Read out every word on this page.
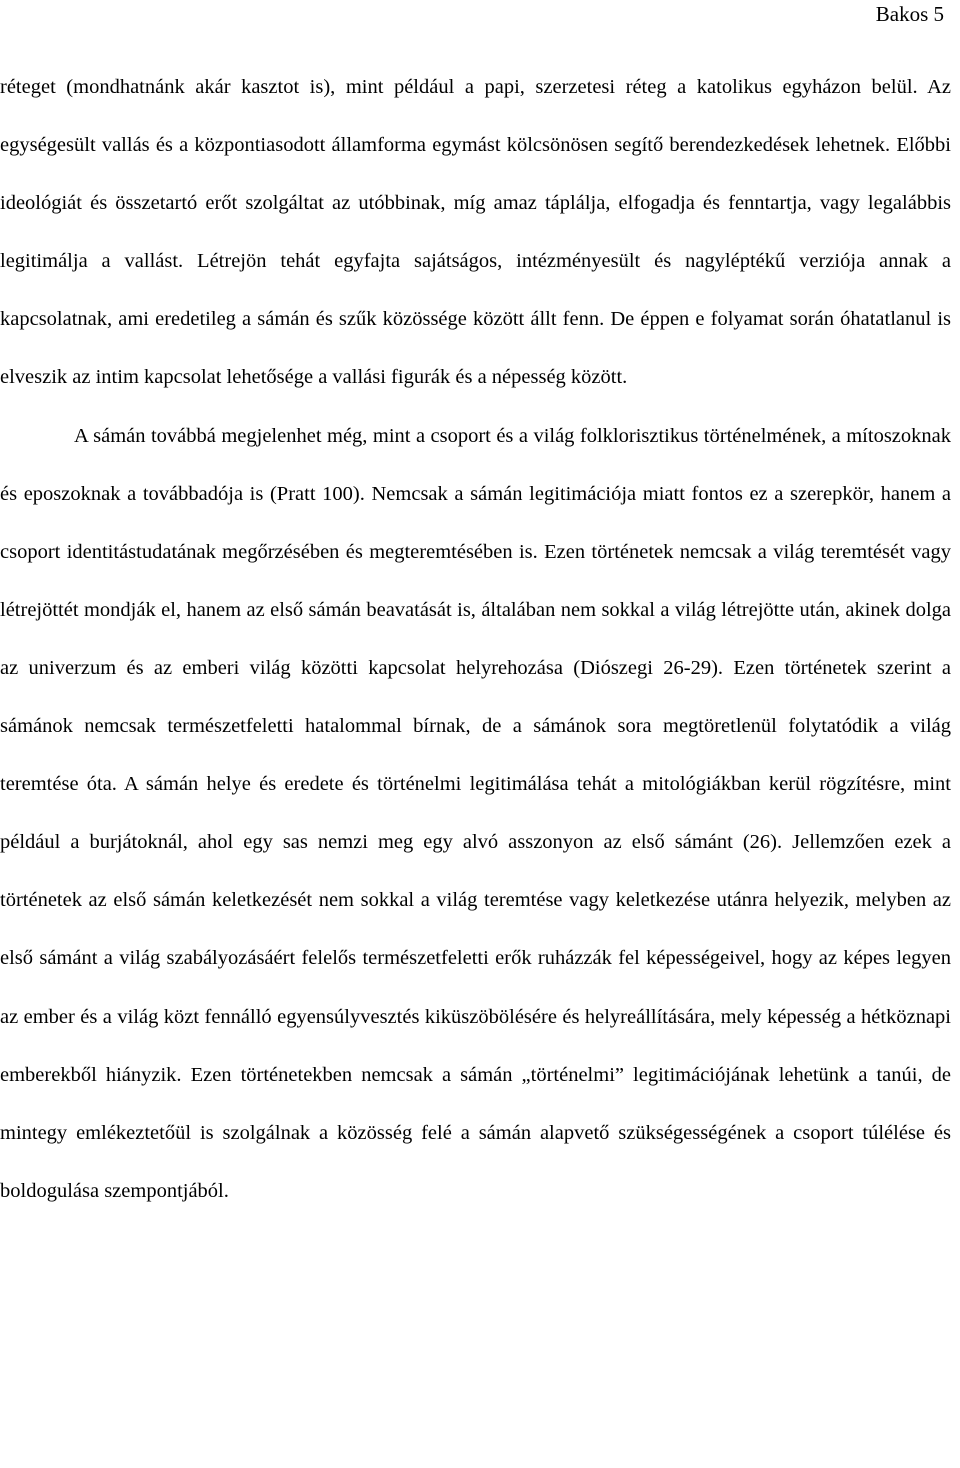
Bakos 5

réteget (mondhatnánk akár kasztot is), mint például a papi, szerzetesi réteg a katolikus egyházon belül. Az egységesült vallás és a központiasodott államforma egymást kölcsönösen segítő berendezkedések lehetnek. Előbbi ideológiát és összetartó erőt szolgáltat az utóbbinak, míg amaz táplálja, elfogadja és fenntartja, vagy legalábbis legitimálja a vallást. Létrejön tehát egyfajta sajátságos, intézményesült és nagyléptékű verziója annak a kapcsolatnak, ami eredetileg a sámán és szűk közössége között állt fenn. De éppen e folyamat során óhatatlanul is elveszik az intim kapcsolat lehetősége a vallási figurák és a népesség között.

A sámán továbbá megjelenhet még, mint a csoport és a világ folklorisztikus történelmének, a mítoszoknak és eposzoknak a továbbadója is (Pratt 100). Nemcsak a sámán legitimációja miatt fontos ez a szerepkör, hanem a csoport identitástudatának megőrzésében és megteremtésében is. Ezen történetek nemcsak a világ teremtését vagy létrejöttét mondják el, hanem az első sámán beavatását is, általában nem sokkal a világ létrejötte után, akinek dolga az univerzum és az emberi világ közötti kapcsolat helyrehozása (Diószegi 26-29). Ezen történetek szerint a sámánok nemcsak természetfeletti hatalommal bírnak, de a sámánok sora megtöretlenül folytatódik a világ teremtése óta. A sámán helye és eredete és történelmi legitimálása tehát a mitológiákban kerül rögzítésre, mint például a burjátoknál, ahol egy sas nemzi meg egy alvó asszonyon az első sámánt (26). Jellemzően ezek a történetek az első sámán keletkezését nem sokkal a világ teremtése vagy keletkezése utánra helyezik, melyben az első sámánt a világ szabályozásáért felelős természetfeletti erők ruházzák fel képességeivel, hogy az képes legyen az ember és a világ közt fennálló egyensúlyvesztés kiküszöbölésére és helyreállítására, mely képesség a hétköznapi emberekből hiányzik. Ezen történetekben nemcsak a sámán „történelmi” legitimációjának lehetünk a tanúi, de mintegy emlékeztetőül is szolgálnak a közösség felé a sámán alapvető szükségességének a csoport túlélése és boldogulása szempontjából.
